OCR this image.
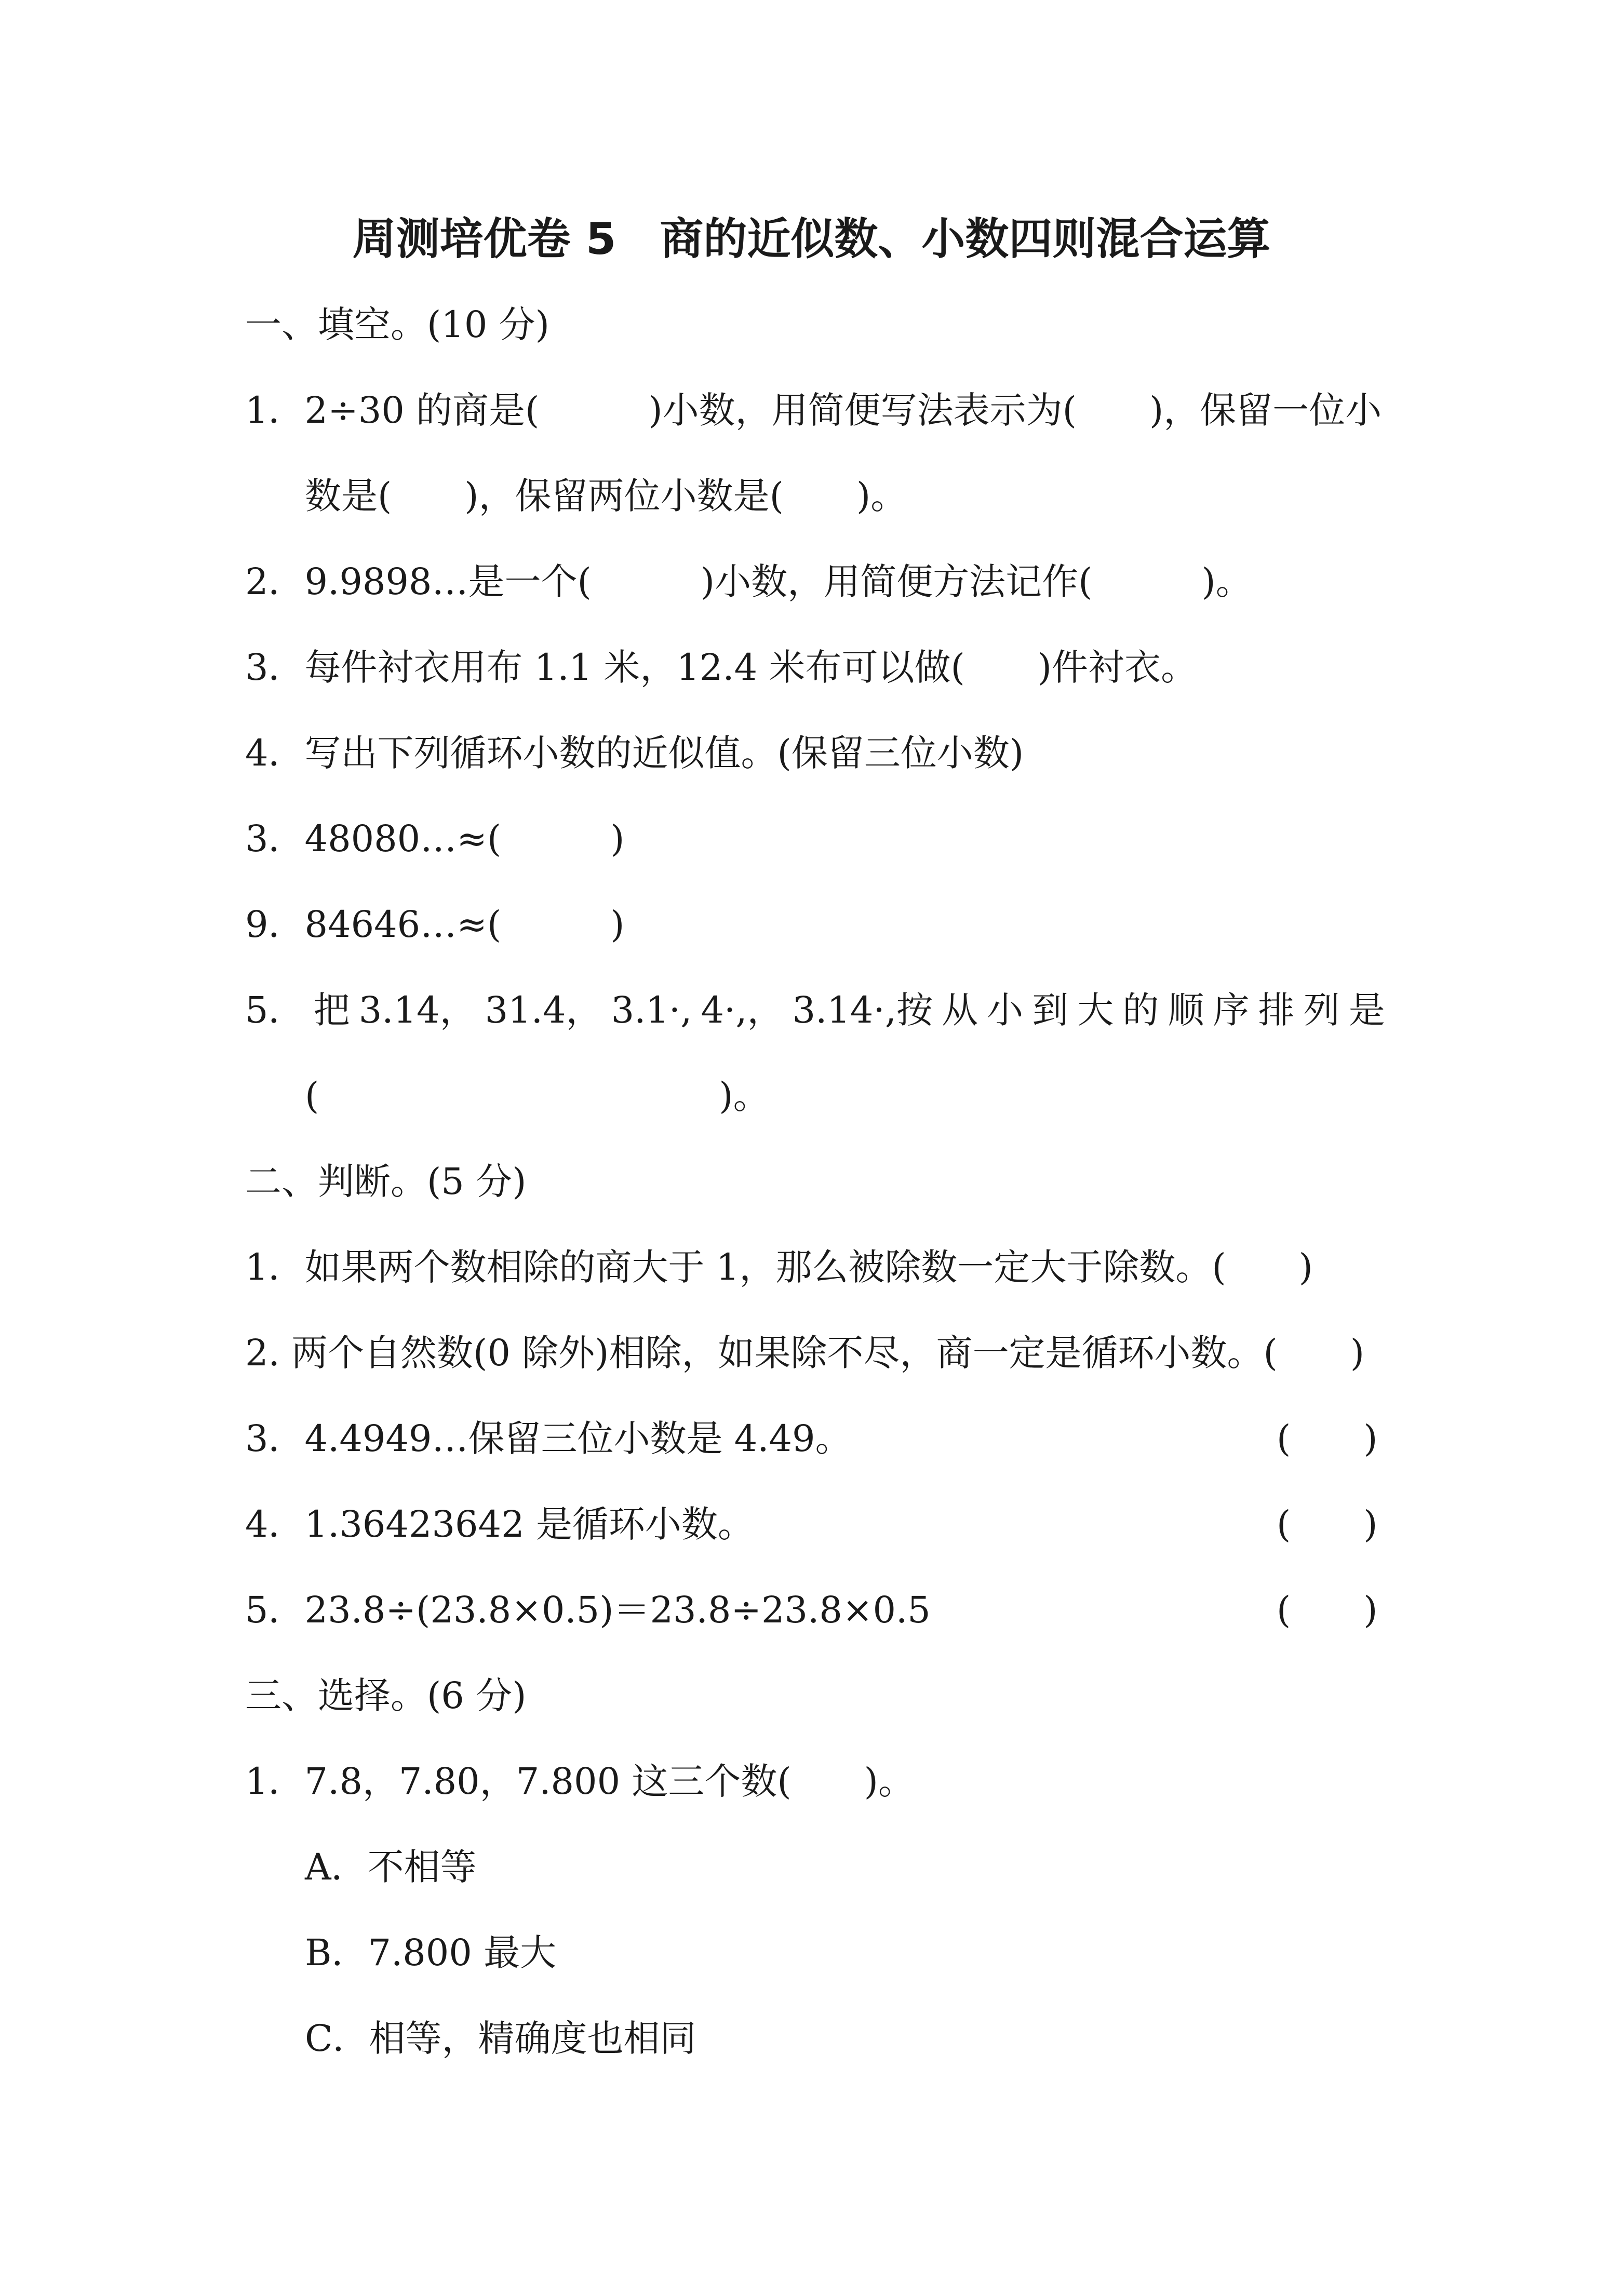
周测培优卷 5　商的近似数、小数四则混合运算
一、填空。(10 分)
1．2÷30 的商是(　　　)小数，用简便写法表示为(　　)，保留一位小
数是(　　)，保留两位小数是(　　)。
2．9.9898…是一个(　　　)小数，用简便方法记作(　　　)。
3．每件衬衣用布 1.1 米，12.4 米布可以做(　　)件衬衣。
4．写出下列循环小数的近似值。(保留三位小数)
3．48080…≈(　　　)
9．84646…≈(　　　)
5． 把 3.14， 31.4， 3.1·, 4·,， 3.14·,按 从 小 到 大 的 顺 序 排 列 是
(　　　　　　　　　　　)。
二、判断。(5 分)
1．如果两个数相除的商大于 1，那么被除数一定大于除数。(　　)
2. 两个自然数(0 除外)相除，如果除不尽，商一定是循环小数。(　　)
3．4.4949…保留三位小数是 4.49。	(　　)
4．1.36423642 是循环小数。	(　　)
5．23.8÷(23.8×0.5)＝23.8÷23.8×0.5	(　　)
三、选择。(6 分)
1．7.8，7.80，7.800 这三个数(　　)。
A．不相等
B．7.800 最大
C．相等，精确度也相同
